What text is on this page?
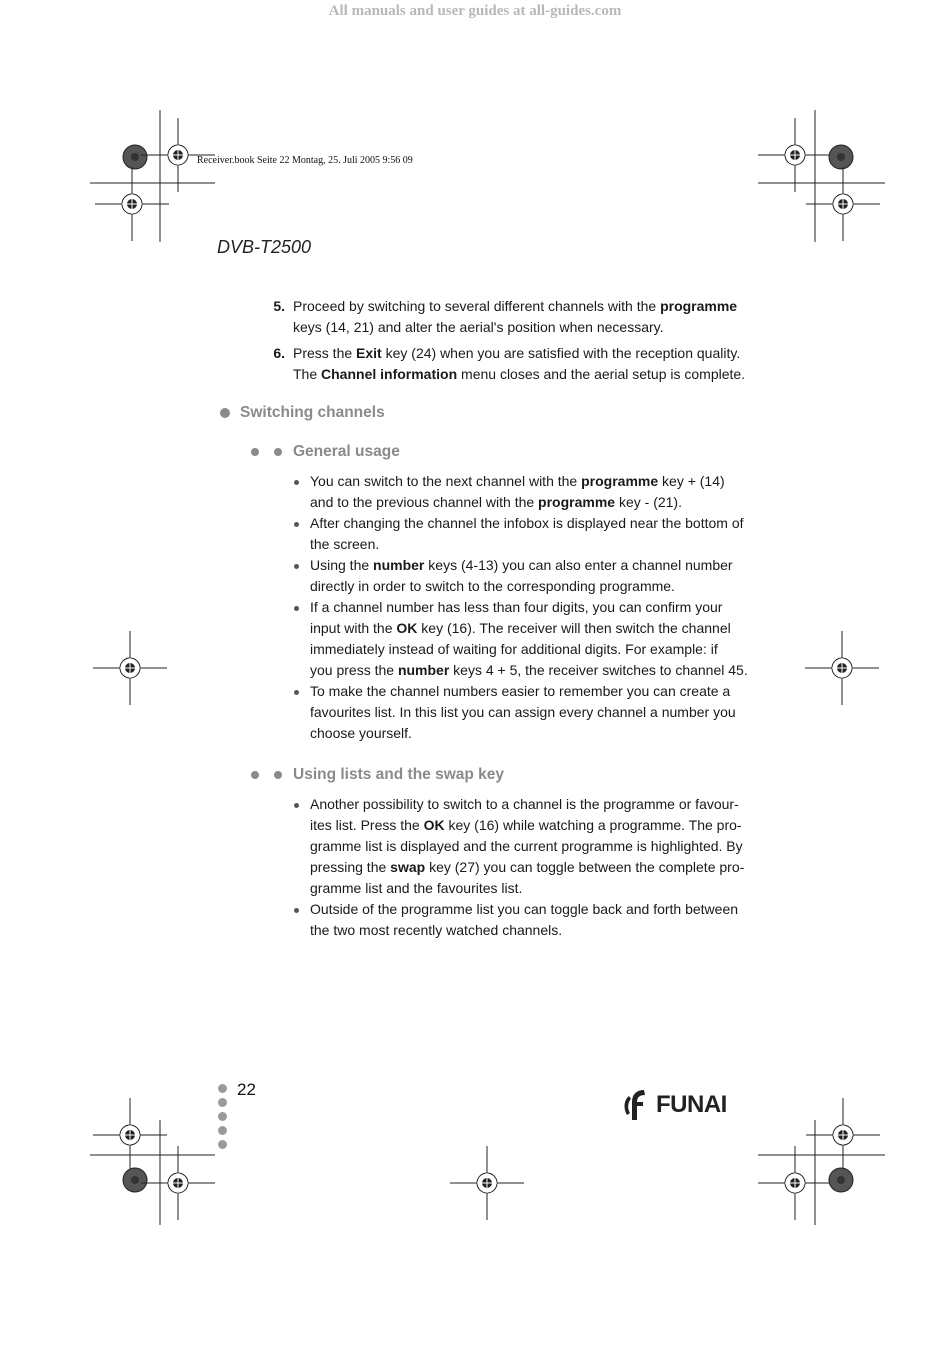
All manuals and user guides at all-guides.com
Receiver.book Seite 22 Montag, 25. Juli 2005 9:56 09
DVB-T2500
5. Proceed by switching to several different channels with the programme
keys (14, 21) and alter the aerial's position when necessary.
6. Press the Exit key (24) when you are satisfied with the reception quality.
The Channel information menu closes and the aerial setup is complete.
Switching channels
General usage
You can switch to the next channel with the programme key + (14)
and to the previous channel with the programme key - (21).
After changing the channel the infobox is displayed near the bottom of
the screen.
Using the number keys (4-13) you can also enter a channel number
directly in order to switch to the corresponding programme.
If a channel number has less than four digits, you can confirm your
input with the OK key (16). The receiver will then switch the channel
immediately instead of waiting for additional digits. For example: if
you press the number keys 4 + 5, the receiver switches to channel 45.
To make the channel numbers easier to remember you can create a
favourites list. In this list you can assign every channel a number you
choose yourself.
Using lists and the swap key
Another possibility to switch to a channel is the programme or favour-
ites list. Press the OK key (16) while watching a programme. The pro-
gramme list is displayed and the current programme is highlighted. By
pressing the swap key (27) you can toggle between the complete pro-
gramme list and the favourites list.
Outside of the programme list you can toggle back and forth between
the two most recently watched channels.
22
FUNAI
